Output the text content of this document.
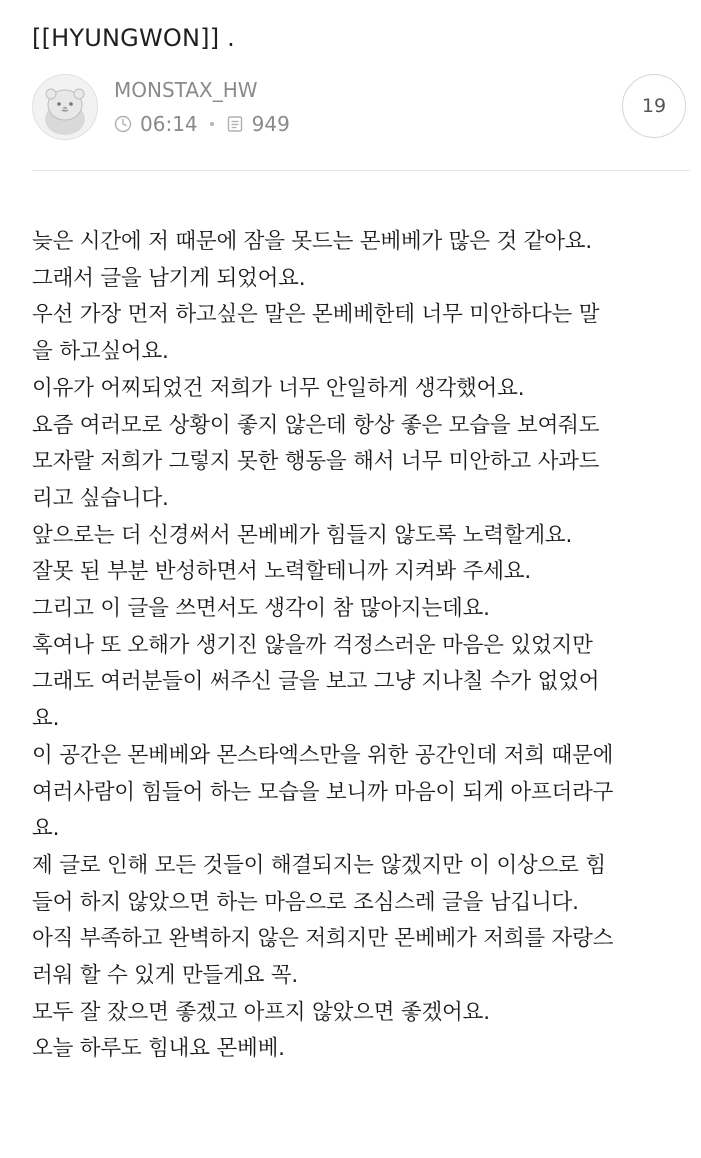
[[HYUNGWON]] .
MONSTAX_HW
06:14	949
19
늦은 시간에 저 때문에 잠을 못드는 몬베베가 많은 것 같아요.
그래서 글을 남기게 되었어요.
우선 가장 먼저 하고싶은 말은 몬베베한테 너무 미안하다는 말
을 하고싶어요.
이유가 어찌되었건 저희가 너무 안일하게 생각했어요.
요즘 여러모로 상황이 좋지 않은데 항상 좋은 모습을 보여줘도
모자랄 저희가 그렇지 못한 행동을 해서 너무 미안하고 사과드
리고 싶습니다.
앞으로는 더 신경써서 몬베베가 힘들지 않도록 노력할게요.
잘못 된 부분 반성하면서 노력할테니까 지켜봐 주세요.
그리고 이 글을 쓰면서도 생각이 참 많아지는데요.
혹여나 또 오해가 생기진 않을까 걱정스러운 마음은 있었지만
그래도 여러분들이 써주신 글을 보고 그냥 지나칠 수가 없었어
요.
이 공간은 몬베베와 몬스타엑스만을 위한 공간인데 저희 때문에
여러사람이 힘들어 하는 모습을 보니까 마음이 되게 아프더라구
요.
제 글로 인해 모든 것들이 해결되지는 않겠지만 이 이상으로 힘
들어 하지 않았으면 하는 마음으로 조심스레 글을 남깁니다.
아직 부족하고 완벽하지 않은 저희지만 몬베베가 저희를 자랑스
러워 할 수 있게 만들게요 꼭.
모두 잘 잤으면 좋겠고 아프지 않았으면 좋겠어요.
오늘 하루도 힘내요 몬베베.
